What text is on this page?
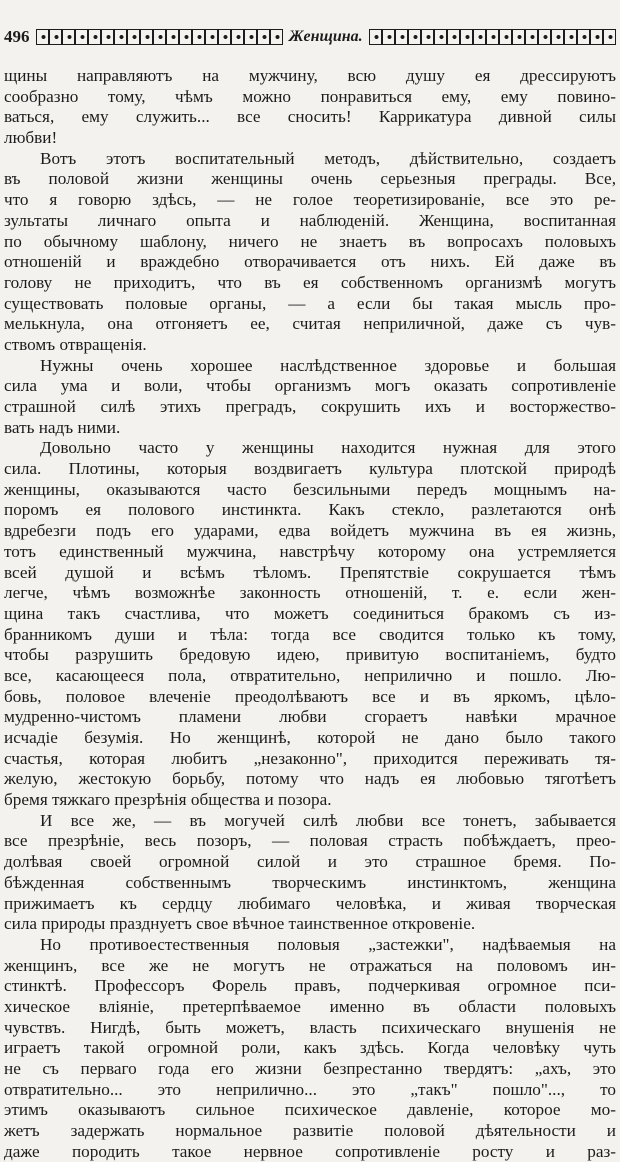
496	Женщина.
щины направляютъ на мужчину, всю душу ея дрессируютъ
сообразно тому, чѣмъ можно понравиться ему, ему повино-
ваться, ему служить... все сносить! Каррикатура дивной силы
любви!
Вотъ этотъ воспитательный методъ, дѣйствительно, создаетъ
въ половой жизни женщины очень серьезныя преграды. Все,
что я говорю здѣсь, — не голое теоретизированіе, все это ре-
зультаты личнаго опыта и наблюденій. Женщина, воспитанная
по обычному шаблону, ничего не знаетъ въ вопросахъ половыхъ
отношеній и враждебно отворачивается отъ нихъ. Ей даже въ
голову не приходитъ, что въ ея собственномъ организмѣ могутъ
существовать половые органы, — а если бы такая мысль про-
мелькнула, она отгоняетъ ее, считая неприличной, даже съ чув-
ствомъ отвращенія.
Нужны очень хорошее наслѣдственное здоровье и большая
сила ума и воли, чтобы организмъ могъ оказать сопротивленіе
страшной силѣ этихъ преградъ, сокрушить ихъ и восторжество-
вать надъ ними.
Довольно часто у женщины находится нужная для этого
сила. Плотины, которыя воздвигаетъ культура плотской природѣ
женщины, оказываются часто безсильными передъ мощнымъ на-
поромъ ея полового инстинкта. Какъ стекло, разлетаются онѣ
вдребезги подъ его ударами, едва войдетъ мужчина въ ея жизнь,
тотъ единственный мужчина, навстрѣчу которому она устремляется
всей душой и всѣмъ тѣломъ. Препятствіе сокрушается тѣмъ
легче, чѣмъ возможнѣе законность отношеній, т. е. если жен-
щина такъ счастлива, что можетъ соединиться бракомъ съ из-
бранникомъ души и тѣла: тогда все сводится только къ тому,
чтобы разрушить бредовую идею, привитую воспитаніемъ, будто
все, касающееся пола, отвратительно, неприлично и пошло. Лю-
бовь, половое влеченіе преодолѣваютъ все и въ яркомъ, цѣло-
мудренно-чистомъ пламени любви сгораетъ навѣки мрачное
исчадіе безумія. Но женщинѣ, которой не дано было такого
счастья, которая любитъ „незаконно", приходится переживать тя-
желую, жестокую борьбу, потому что надъ ея любовью тяготѣетъ
бремя тяжкаго презрѣнія общества и позора.
И все же, — въ могучей силѣ любви все тонетъ, забывается
все презрѣніе, весь позоръ, — половая страсть побѣждаетъ, прео-
долѣвая своей огромной силой и это страшное бремя. По-
бѣжденная собственнымъ творческимъ инстинктомъ, женщина
прижимаетъ къ сердцу любимаго человѣка, и живая творческая
сила природы празднуетъ свое вѣчное таинственное откровеніе.
Но противоестественныя половыя „застежки", надѣваемыя на
женщинъ, все же не могутъ не отражаться на половомъ ин-
стинктѣ. Профессоръ Форель правъ, подчеркивая огромное пси-
хическое вліяніе, претерпѣваемое именно въ области половыхъ
чувствъ. Нигдѣ, быть можетъ, власть психическаго внушенія не
играетъ такой огромной роли, какъ здѣсь. Когда человѣку чуть
не съ перваго года его жизни безпрестанно твердятъ: „ахъ, это
отвратительно... это неприлично... это „такъ" пошло"..., то
этимъ оказываютъ сильное психическое давленіе, которое мо-
жетъ задержать нормальное развитіе половой дѣятельности и
даже породить такое нервное сопротивленіе росту и раз-
